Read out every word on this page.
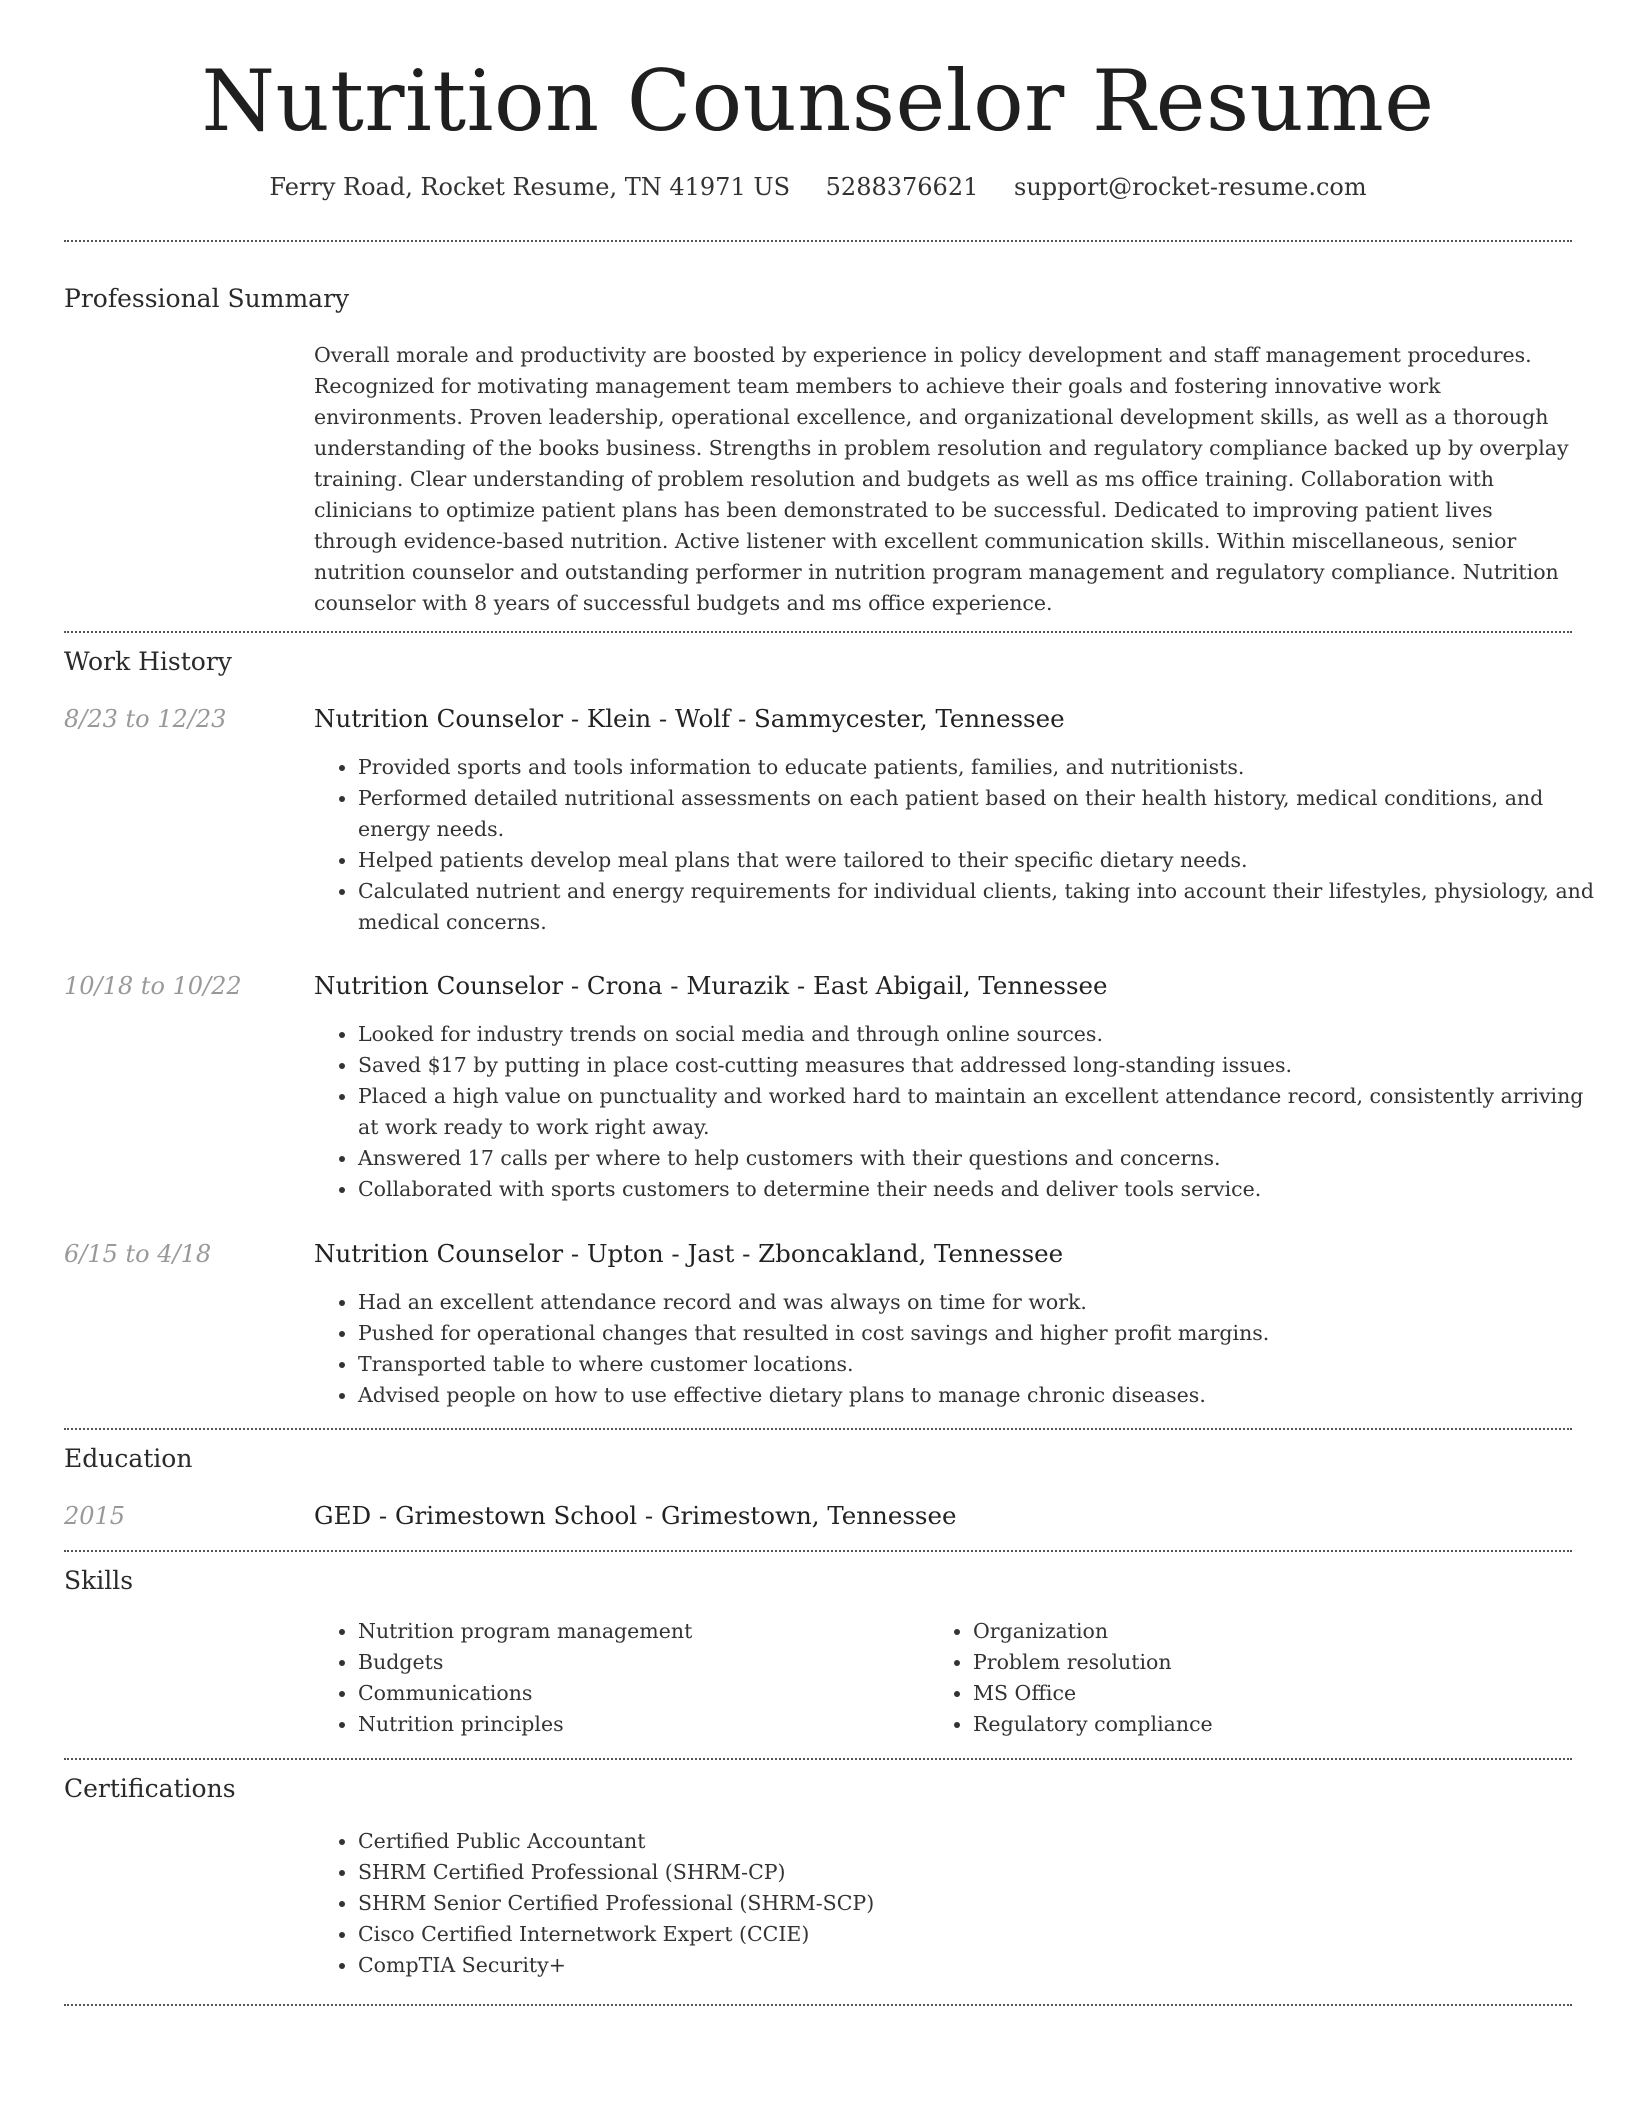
Nutrition Counselor Resume
Ferry Road, Rocket Resume, TN 41971 US 5288376621 support@rocket-resume.com
Professional Summary

Overall morale and productivity are boosted by experience in policy development and staff management procedures. Recognized for motivating management team members to achieve their goals and fostering innovative work environments. Proven leadership, operational excellence, and organizational development skills, as well as a thorough understanding of the books business. Strengths in problem resolution and regulatory compliance backed up by overplay training. Clear understanding of problem resolution and budgets as well as ms office training. Collaboration with clinicians to optimize patient plans has been demonstrated to be successful. Dedicated to improving patient lives through evidence-based nutrition. Active listener with excellent communication skills. Within miscellaneous, senior nutrition counselor and outstanding performer in nutrition program management and regulatory compliance. Nutrition counselor with 8 years of successful budgets and ms office experience.

Work History
8/23 to 12/23	Nutrition Counselor - Klein - Wolf - Sammycester, Tennessee
• Provided sports and tools information to educate patients, families, and nutritionists.
• Performed detailed nutritional assessments on each patient based on their health history, medical conditions, and energy needs.
• Helped patients develop meal plans that were tailored to their specific dietary needs.
• Calculated nutrient and energy requirements for individual clients, taking into account their lifestyles, physiology, and medical concerns.
10/18 to 10/22	Nutrition Counselor - Crona - Murazik - East Abigail, Tennessee
• Looked for industry trends on social media and through online sources.
• Saved $17 by putting in place cost-cutting measures that addressed long-standing issues.
• Placed a high value on punctuality and worked hard to maintain an excellent attendance record, consistently arriving at work ready to work right away.
• Answered 17 calls per where to help customers with their questions and concerns.
• Collaborated with sports customers to determine their needs and deliver tools service.
6/15 to 4/18	Nutrition Counselor - Upton - Jast - Zboncakland, Tennessee
• Had an excellent attendance record and was always on time for work.
• Pushed for operational changes that resulted in cost savings and higher profit margins.
• Transported table to where customer locations.
• Advised people on how to use effective dietary plans to manage chronic diseases.
Education
2015	GED - Grimestown School - Grimestown, Tennessee
Skills
• Nutrition program management
• Budgets
• Communications
• Nutrition principles
• Organization
• Problem resolution
• MS Office
• Regulatory compliance
Certifications
• Certified Public Accountant
• SHRM Certified Professional (SHRM-CP)
• SHRM Senior Certified Professional (SHRM-SCP)
• Cisco Certified Internetwork Expert (CCIE)
• CompTIA Security+
